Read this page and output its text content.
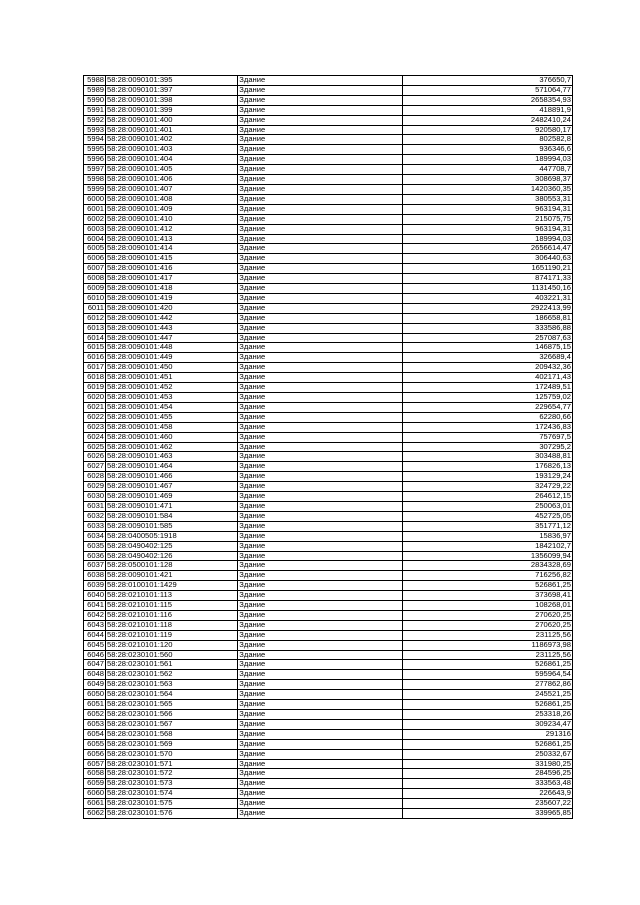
5988	58:28:0090101:395	Здание	376650,7
5989	58:28:0090101:397	Здание	571064,77
5990	58:28:0090101:398	Здание	2658354,93
5991	58:28:0090101:399	Здание	418891,9
5992	58:28:0090101:400	Здание	2482410,24
5993	58:28:0090101:401	Здание	920580,17
5994	58:28:0090101:402	Здание	802582,8
5995	58:28:0090101:403	Здание	936346,6
5996	58:28:0090101:404	Здание	189994,03
5997	58:28:0090101:405	Здание	447708,7
5998	58:28:0090101:406	Здание	308698,37
5999	58:28:0090101:407	Здание	1420360,35
6000	58:28:0090101:408	Здание	380553,31
6001	58:28:0090101:409	Здание	963194,31
6002	58:28:0090101:410	Здание	215075,75
6003	58:28:0090101:412	Здание	963194,31
6004	58:28:0090101:413	Здание	189994,03
6005	58:28:0090101:414	Здание	2656614,47
6006	58:28:0090101:415	Здание	306440,63
6007	58:28:0090101:416	Здание	1651190,21
6008	58:28:0090101:417	Здание	874171,33
6009	58:28:0090101:418	Здание	1131450,16
6010	58:28:0090101:419	Здание	403221,31
6011	58:28:0090101:420	Здание	2922413,99
6012	58:28:0090101:442	Здание	186658,81
6013	58:28:0090101:443	Здание	333586,88
6014	58:28:0090101:447	Здание	257087,63
6015	58:28:0090101:448	Здание	146875,15
6016	58:28:0090101:449	Здание	326689,4
6017	58:28:0090101:450	Здание	209432,36
6018	58:28:0090101:451	Здание	402171,43
6019	58:28:0090101:452	Здание	172489,51
6020	58:28:0090101:453	Здание	125759,02
6021	58:28:0090101:454	Здание	229654,77
6022	58:28:0090101:455	Здание	62280,66
6023	58:28:0090101:458	Здание	172436,83
6024	58:28:0090101:460	Здание	757697,5
6025	58:28:0090101:462	Здание	307295,2
6026	58:28:0090101:463	Здание	303488,81
6027	58:28:0090101:464	Здание	176826,13
6028	58:28:0090101:466	Здание	193129,24
6029	58:28:0090101:467	Здание	324729,22
6030	58:28:0090101:469	Здание	264612,15
6031	58:28:0090101:471	Здание	250063,01
6032	58:28:0090101:584	Здание	452725,05
6033	58:28:0090101:585	Здание	351771,12
6034	58:28:0400505:1918	Здание	15836,97
6035	58:28:0490402:125	Здание	1842102,7
6036	58:28:0490402:126	Здание	1356099,94
6037	58:28:0500101:128	Здание	2834328,69
6038	58:28:0090101:421	Здание	716256,82
6039	58:28:0100101:1429	Здание	526861,25
6040	58:28:0210101:113	Здание	373698,41
6041	58:28:0210101:115	Здание	108268,01
6042	58:28:0210101:116	Здание	270620,25
6043	58:28:0210101:118	Здание	270620,25
6044	58:28:0210101:119	Здание	231125,56
6045	58:28:0210101:120	Здание	1186973,98
6046	58:28:0230101:560	Здание	231125,56
6047	58:28:0230101:561	Здание	526861,25
6048	58:28:0230101:562	Здание	595964,54
6049	58:28:0230101:563	Здание	277862,86
6050	58:28:0230101:564	Здание	245521,25
6051	58:28:0230101:565	Здание	526861,25
6052	58:28:0230101:566	Здание	253318,26
6053	58:28:0230101:567	Здание	309234,47
6054	58:28:0230101:568	Здание	291316
6055	58:28:0230101:569	Здание	526861,25
6056	58:28:0230101:570	Здание	250332,67
6057	58:28:0230101:571	Здание	331980,25
6058	58:28:0230101:572	Здание	284596,25
6059	58:28:0230101:573	Здание	333563,48
6060	58:28:0230101:574	Здание	226643,9
6061	58:28:0230101:575	Здание	235607,22
6062	58:28:0230101:576	Здание	339965,85
